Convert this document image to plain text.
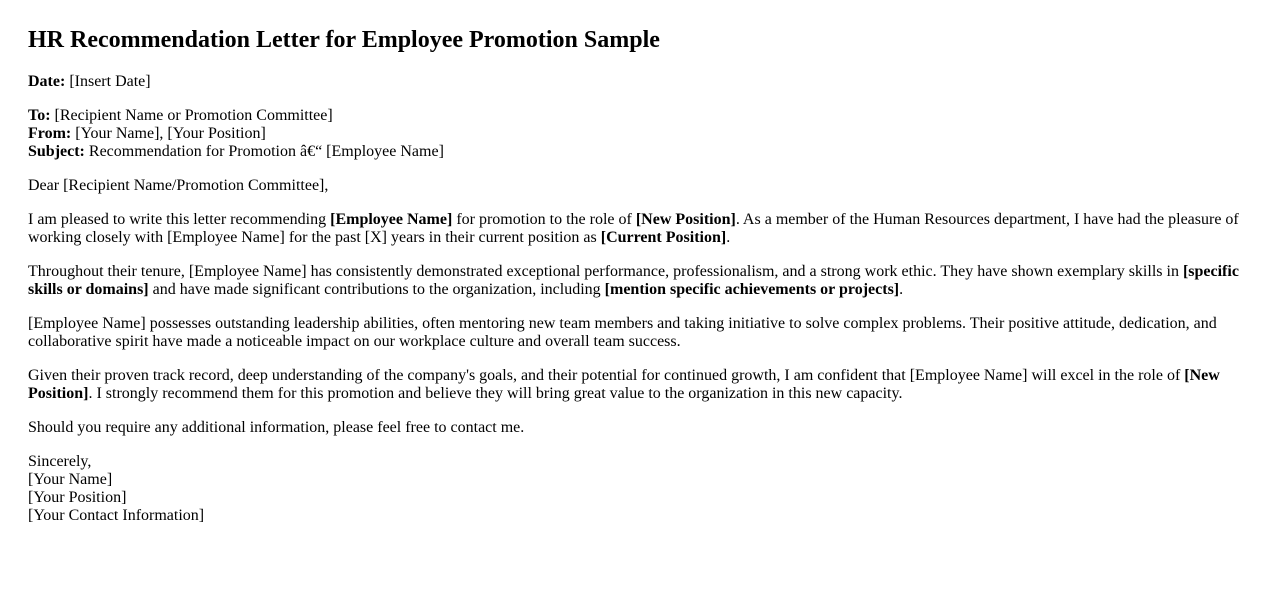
HR Recommendation Letter for Employee Promotion Sample

Date: [Insert Date]

To: [Recipient Name or Promotion Committee]
From: [Your Name], [Your Position]
Subject: Recommendation for Promotion â€“ [Employee Name]

Dear [Recipient Name/Promotion Committee],

I am pleased to write this letter recommending [Employee Name] for promotion to the role of [New Position]. As a member of the Human Resources department, I have had the pleasure of working closely with [Employee Name] for the past [X] years in their current position as [Current Position].

Throughout their tenure, [Employee Name] has consistently demonstrated exceptional performance, professionalism, and a strong work ethic. They have shown exemplary skills in [specific skills or domains] and have made significant contributions to the organization, including [mention specific achievements or projects].

[Employee Name] possesses outstanding leadership abilities, often mentoring new team members and taking initiative to solve complex problems. Their positive attitude, dedication, and collaborative spirit have made a noticeable impact on our workplace culture and overall team success.

Given their proven track record, deep understanding of the company's goals, and their potential for continued growth, I am confident that [Employee Name] will excel in the role of [New Position]. I strongly recommend them for this promotion and believe they will bring great value to the organization in this new capacity.

Should you require any additional information, please feel free to contact me.

Sincerely,
[Your Name]
[Your Position]
[Your Contact Information]
